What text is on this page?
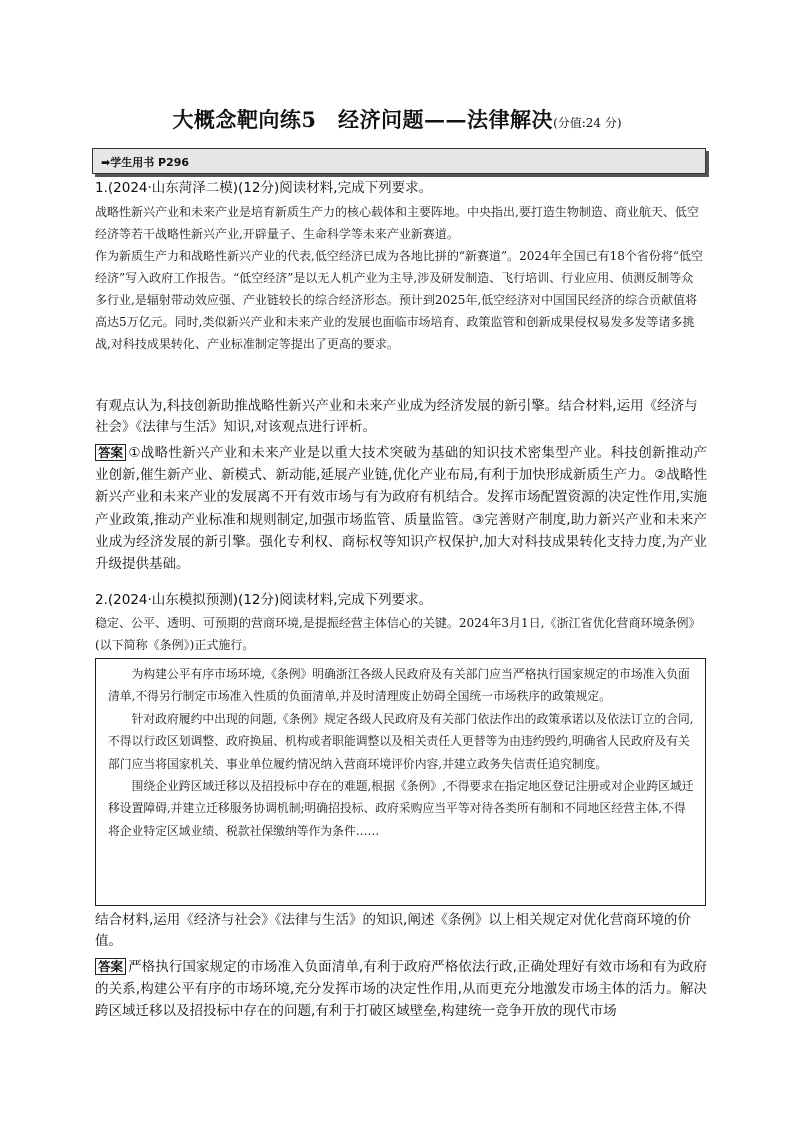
大概念靶向练5　经济问题——法律解决(分值:24 分)
➡学生用书 P296
1.(2024·山东菏泽二模)(12分)阅读材料,完成下列要求。
战略性新兴产业和未来产业是培育新质生产力的核心载体和主要阵地。中央指出,要打造生物制造、商业航天、低空经济等若干战略性新兴产业,开辟量子、生命科学等未来产业新赛道。
作为新质生产力和战略性新兴产业的代表,低空经济已成为各地比拼的“新赛道”。2024年全国已有18个省份将“低空经济”写入政府工作报告。“低空经济”是以无人机产业为主导,涉及研发制造、飞行培训、行业应用、侦测反制等众多行业,是辐射带动效应强、产业链较长的综合经济形态。预计到2025年,低空经济对中国国民经济的综合贡献值将高达5万亿元。同时,类似新兴产业和未来产业的发展也面临市场培育、政策监管和创新成果侵权易发多发等诸多挑战,对科技成果转化、产业标准制定等提出了更高的要求。
有观点认为,科技创新助推战略性新兴产业和未来产业成为经济发展的新引擎。结合材料,运用《经济与社会》《法律与生活》知识,对该观点进行评析。
答案 ①战略性新兴产业和未来产业是以重大技术突破为基础的知识技术密集型产业。科技创新推动产业创新,催生新产业、新模式、新动能,延展产业链,优化产业布局,有利于加快形成新质生产力。②战略性新兴产业和未来产业的发展离不开有效市场与有为政府有机结合。发挥市场配置资源的决定性作用,实施产业政策,推动产业标准和规则制定,加强市场监管、质量监管。③完善财产制度,助力新兴产业和未来产业成为经济发展的新引擎。强化专利权、商标权等知识产权保护,加大对科技成果转化支持力度,为产业升级提供基础。
2.(2024·山东模拟预测)(12分)阅读材料,完成下列要求。
稳定、公平、透明、可预期的营商环境,是提振经营主体信心的关键。2024年3月1日,《浙江省优化营商环境条例》(以下简称《条例》)正式施行。

为构建公平有序市场环境,《条例》明确浙江各级人民政府及有关部门应当严格执行国家规定的市场准入负面清单,不得另行制定市场准入性质的负面清单,并及时清理废止妨碍全国统一市场秩序的政策规定。

针对政府履约中出现的问题,《条例》规定各级人民政府及有关部门依法作出的政策承诺以及依法订立的合同,不得以行政区划调整、政府换届、机构或者职能调整以及相关责任人更替等为由违约毁约,明确省人民政府及有关部门应当将国家机关、事业单位履约情况纳入营商环境评价内容,并建立政务失信责任追究制度。

围绕企业跨区域迁移以及招投标中存在的难题,根据《条例》,不得要求在指定地区登记注册或对企业跨区域迁移设置障碍,并建立迁移服务协调机制;明确招投标、政府采购应当平等对待各类所有制和不同地区经营主体,不得将企业特定区域业绩、税款社保缴纳等作为条件……

结合材料,运用《经济与社会》《法律与生活》的知识,阐述《条例》以上相关规定对优化营商环境的价值。
答案 严格执行国家规定的市场准入负面清单,有利于政府严格依法行政,正确处理好有效市场和有为政府的关系,构建公平有序的市场环境,充分发挥市场的决定性作用,从而更充分地激发市场主体的活力。解决跨区域迁移以及招投标中存在的问题,有利于打破区域壁垒,构建统一竞争开放的现代市场
